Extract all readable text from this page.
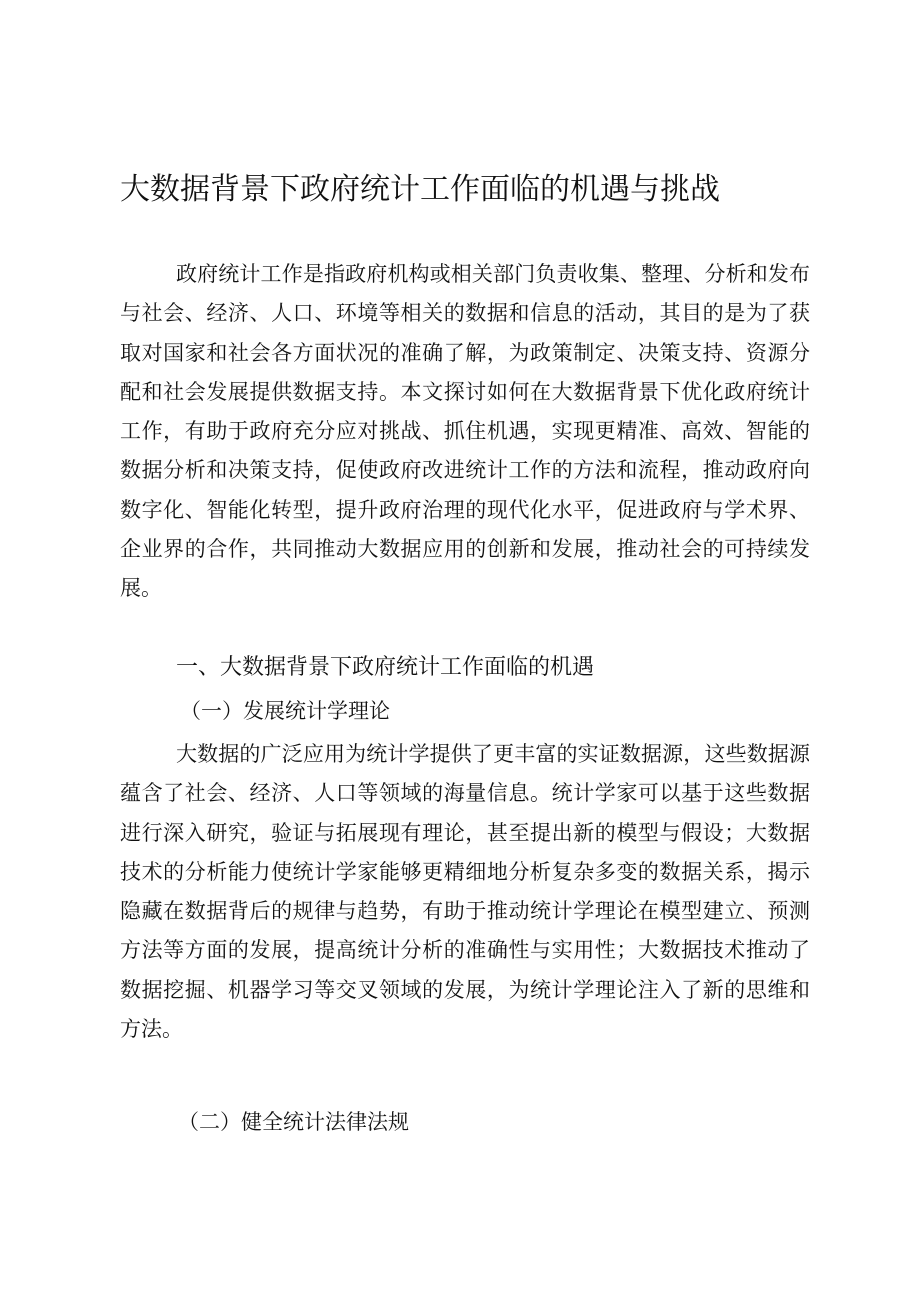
大数据背景下政府统计工作面临的机遇与挑战

政府统计工作是指政府机构或相关部门负责收集、整理、分析和发布与社会、经济、人口、环境等相关的数据和信息的活动，其目的是为了获取对国家和社会各方面状况的准确了解，为政策制定、决策支持、资源分配和社会发展提供数据支持。本文探讨如何在大数据背景下优化政府统计工作，有助于政府充分应对挑战、抓住机遇，实现更精准、高效、智能的数据分析和决策支持，促使政府改进统计工作的方法和流程，推动政府向数字化、智能化转型，提升政府治理的现代化水平，促进政府与学术界、企业界的合作，共同推动大数据应用的创新和发展，推动社会的可持续发展。

一、大数据背景下政府统计工作面临的机遇
（一）发展统计学理论

大数据的广泛应用为统计学提供了更丰富的实证数据源，这些数据源蕴含了社会、经济、人口等领域的海量信息。统计学家可以基于这些数据进行深入研究，验证与拓展现有理论，甚至提出新的模型与假设；大数据技术的分析能力使统计学家能够更精细地分析复杂多变的数据关系，揭示隐藏在数据背后的规律与趋势，有助于推动统计学理论在模型建立、预测方法等方面的发展，提高统计分析的准确性与实用性；大数据技术推动了数据挖掘、机器学习等交叉领域的发展，为统计学理论注入了新的思维和方法。

（二）健全统计法律法规
